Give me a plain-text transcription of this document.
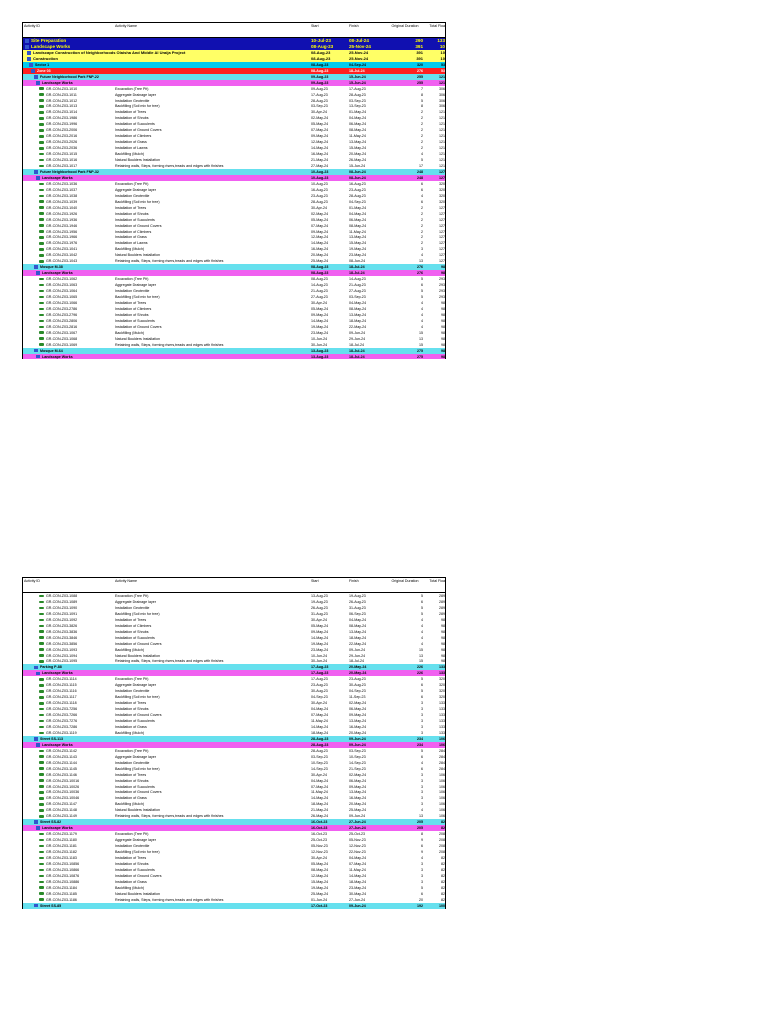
Activity ID	Activity Name	Start	Finish	Original Duration	Total Float
Site Preparation	10-Jul-23	08-Jul-24	290	133
Landscape Works	08-Aug-23	25-Nov-24	391	10
Landscape Construction of Neighborhoods Olaisha And Middle Al Uraija Project	08-Aug-23	25-Nov-24	391	10
Construction	08-Aug-23	25-Nov-24	391	10
Sector 1	08-Aug-23	04-Sep-24	320	53
Zone 03	08-Aug-23	18-Jul-24	276	53
Future Neighborhood Park FNP-22	09-Aug-23	15-Jun-24	255	121
Landscape Works	09-Aug-23	15-Jun-24	255	121
GR-CON-Z03-1010	Excavation (Tree Pit)	09-Aug-23	17-Aug-23	7	306
GR-CON-Z03-1011	Aggregate Drainage layer	17-Aug-23	28-Aug-23	8	306
GR-CON-Z03-1012	Installation Geotextile	28-Aug-23	03-Sep-23	5	306
GR-CON-Z03-1013	Backfilling (Soil mix for tree)	03-Sep-23	13-Sep-23	8	306
GR-CON-Z03-1014	Installation of Trees	30-Apr-24	01-May-24	2	121
GR-CON-Z03-1986	Installation of Shrubs	02-May-24	04-May-24	2	121
GR-CON-Z03-1996	Installation of Succulents	05-May-24	06-May-24	2	121
GR-CON-Z03-2006	Installation of Ground Covers	07-May-24	08-May-24	2	121
GR-CON-Z03-2016	Installation of Climbers	09-May-24	11-May-24	2	121
GR-CON-Z03-2026	Installation of Grass	12-May-24	13-May-24	2	121
GR-CON-Z03-2036	Installation of Lawns	14-May-24	15-May-24	2	121
GR-CON-Z03-1015	Backfilling (Mulch)	16-May-24	20-May-24	4	121
GR-CON-Z03-1016	Natural Boulders Installation	21-May-24	26-May-24	5	121
GR-CON-Z03-1017	Retaining walls, Steps, forming risers,treads and edges with finishes	27-May-24	15-Jun-24	17	121
Future Neighborhood Park FNP-32	10-Aug-23	08-Jun-24	248	127
Landscape Works	10-Aug-23	08-Jun-24	248	127
GR-CON-Z03-1036	Excavation (Tree Pit)	10-Aug-23	16-Aug-23	6	320
GR-CON-Z03-1037	Aggregate Drainage layer	16-Aug-23	23-Aug-23	6	320
GR-CON-Z03-1038	Installation Geotextile	23-Aug-23	28-Aug-23	4	320
GR-CON-Z03-1039	Backfilling (Soil mix for tree)	28-Aug-23	04-Sep-23	6	320
GR-CON-Z03-1040	Installation of Trees	30-Apr-24	01-May-24	2	127
GR-CON-Z03-1926	Installation of Shrubs	02-May-24	04-May-24	2	127
GR-CON-Z03-1936	Installation of Succulents	05-May-24	06-May-24	2	127
GR-CON-Z03-1946	Installation of Ground Covers	07-May-24	08-May-24	2	127
GR-CON-Z03-1956	Installation of Climbers	09-May-24	11-May-24	2	127
GR-CON-Z03-1966	Installation of Grass	12-May-24	13-May-24	2	127
GR-CON-Z03-1976	Installation of Lawns	14-May-24	15-May-24	2	127
GR-CON-Z03-1041	Backfilling (Mulch)	16-May-24	19-May-24	3	127
GR-CON-Z03-1042	Natural Boulders Installation	20-May-24	23-May-24	4	127
GR-CON-Z03-1043	Retaining walls, Steps, forming risers,treads and edges with finishes	25-May-24	08-Jun-24	13	127
Mosque M-38	08-Aug-23	18-Jul-24	276	98
Landscape Works	08-Aug-23	18-Jul-24	276	98
GR-CON-Z03-1062	Excavation (Tree Pit)	08-Aug-23	14-Aug-23	5	293
GR-CON-Z03-1063	Aggregate Drainage layer	14-Aug-23	21-Aug-23	6	293
GR-CON-Z03-1064	Installation Geotextile	21-Aug-23	27-Aug-23	5	293
GR-CON-Z03-1065	Backfilling (Soil mix for tree)	27-Aug-23	03-Sep-23	5	293
GR-CON-Z03-1066	Installation of Trees	30-Apr-24	04-May-24	4	98
GR-CON-Z03-2786	Installation of Climbers	05-May-24	08-May-24	4	98
GR-CON-Z03-2796	Installation of Shrubs	09-May-24	13-May-24	4	98
GR-CON-Z03-2806	Installation of Succulents	14-May-24	18-May-24	4	98
GR-CON-Z03-2816	Installation of Ground Covers	19-May-24	22-May-24	4	98
GR-CON-Z03-1067	Backfilling (Mulch)	23-May-24	09-Jun-24	15	98
GR-CON-Z03-1068	Natural Boulders Installation	10-Jun-24	29-Jun-24	13	98
GR-CON-Z03-1069	Retaining walls, Steps, forming risers,treads and edges with finishes	30-Jun-24	18-Jul-24	15	98
Mosque M-64	13-Aug-23	18-Jul-24	275	98
Landscape Works	13-Aug-23	18-Jul-24	275	98
Activity ID	Activity Name	Start	Finish	Original Duration	Total Float
GR-CON-Z03-1088	Excavation (Tree Pit)	13-Aug-23	19-Aug-23	5	289
GR-CON-Z03-1089	Aggregate Drainage layer	19-Aug-23	26-Aug-23	6	289
GR-CON-Z03-1090	Installation Geotextile	26-Aug-23	31-Aug-23	5	289
GR-CON-Z03-1091	Backfilling (Soil mix for tree)	31-Aug-23	06-Sep-23	5	289
GR-CON-Z03-1092	Installation of Trees	30-Apr-24	04-May-24	4	98
GR-CON-Z03-3826	Installation of Climbers	05-May-24	08-May-24	4	98
GR-CON-Z03-3836	Installation of Shrubs	09-May-24	13-May-24	4	98
GR-CON-Z03-3846	Installation of Succulents	14-May-24	18-May-24	4	98
GR-CON-Z03-3856	Installation of Ground Covers	19-May-24	22-May-24	4	98
GR-CON-Z03-1093	Backfilling (Mulch)	23-May-24	09-Jun-24	15	98
GR-CON-Z03-1094	Natural Boulders Installation	10-Jun-24	29-Jun-24	13	98
GR-CON-Z03-1095	Retaining walls, Steps, forming risers,treads and edges with finishes	30-Jun-24	18-Jul-24	15	98
Parking P-88	17-Aug-23	20-May-24	226	133
Landscape Works	17-Aug-23	20-May-24	226	133
GR-CON-Z03-1114	Excavation (Tree Pit)	17-Aug-23	23-Aug-23	5	320
GR-CON-Z03-1115	Aggregate Drainage layer	23-Aug-23	30-Aug-23	6	320
GR-CON-Z03-1116	Installation Geotextile	30-Aug-23	04-Sep-23	5	320
GR-CON-Z03-1117	Backfilling (Soil mix for tree)	04-Sep-23	11-Sep-23	6	320
GR-CON-Z03-1118	Installation of Trees	30-Apr-24	02-May-24	3	133
GR-CON-Z03-7256	Installation of Shrubs	04-May-24	06-May-24	3	133
GR-CON-Z03-7266	Installation of Ground Covers	07-May-24	09-May-24	3	133
GR-CON-Z03-7276	Installation of Succulents	11-May-24	13-May-24	3	133
GR-CON-Z03-7286	Installation of Grass	14-May-24	16-May-24	3	133
GR-CON-Z03-1119	Backfilling (Mulch)	18-May-24	20-May-24	3	133
Street SS-113	28-Aug-23	09-Jun-24	234	106
Landscape Works	28-Aug-23	09-Jun-24	234	106
GR-CON-Z03-1142	Excavation (Tree Pit)	28-Aug-23	03-Sep-23	5	284
GR-CON-Z03-1143	Aggregate Drainage layer	03-Sep-23	10-Sep-23	6	284
GR-CON-Z03-1144	Installation Geotextile	10-Sep-23	14-Sep-23	4	284
GR-CON-Z03-1145	Backfilling (Soil mix for tree)	14-Sep-23	21-Sep-23	6	284
GR-CON-Z03-1146	Installation of Trees	30-Apr-24	02-May-24	3	106
GR-CON-Z03-10016	Installation of Shrubs	04-May-24	06-May-24	3	106
GR-CON-Z03-10026	Installation of Succulents	07-May-24	09-May-24	3	106
GR-CON-Z03-10036	Installation of Ground Covers	11-May-24	13-May-24	3	106
GR-CON-Z03-10046	Installation of Grass	14-May-24	16-May-24	3	106
GR-CON-Z03-1147	Backfilling (Mulch)	18-May-24	20-May-24	3	106
GR-CON-Z03-1148	Natural Boulders Installation	21-May-24	25-May-24	4	106
GR-CON-Z03-1149	Retaining walls, Steps, forming risers,treads and edges with finishes	26-May-24	09-Jun-24	13	106
Street SS-82	16-Oct-23	27-Jun-24	205	82
Landscape Works	16-Oct-23	27-Jun-24	205	82
GR-CON-Z03-1179	Excavation (Tree Pit)	16-Oct-23	25-Oct-23	8	208
GR-CON-Z03-1180	Aggregate Drainage layer	25-Oct-23	05-Nov-23	9	208
GR-CON-Z03-1181	Installation Geotextile	05-Nov-23	12-Nov-23	6	208
GR-CON-Z03-1182	Backfilling (Soil mix for tree)	12-Nov-23	22-Nov-23	9	208
GR-CON-Z03-1183	Installation of Trees	30-Apr-24	04-May-24	4	82
GR-CON-Z03-10856	Installation of Shrubs	05-May-24	07-May-24	3	82
GR-CON-Z03-10866	Installation of Succulents	08-May-24	11-May-24	3	82
GR-CON-Z03-10876	Installation of Ground Covers	12-May-24	14-May-24	3	82
GR-CON-Z03-10886	Installation of Grass	15-May-24	18-May-24	3	82
GR-CON-Z03-1184	Backfilling (Mulch)	19-May-24	23-May-24	5	82
GR-CON-Z03-1185	Natural Boulders Installation	25-May-24	30-May-24	6	82
GR-CON-Z03-1186	Retaining walls, Steps, forming risers,treads and edges with finishes	01-Jun-24	27-Jun-24	20	82
Street SS-85	17-Oct-23	09-Jun-24	192	100
